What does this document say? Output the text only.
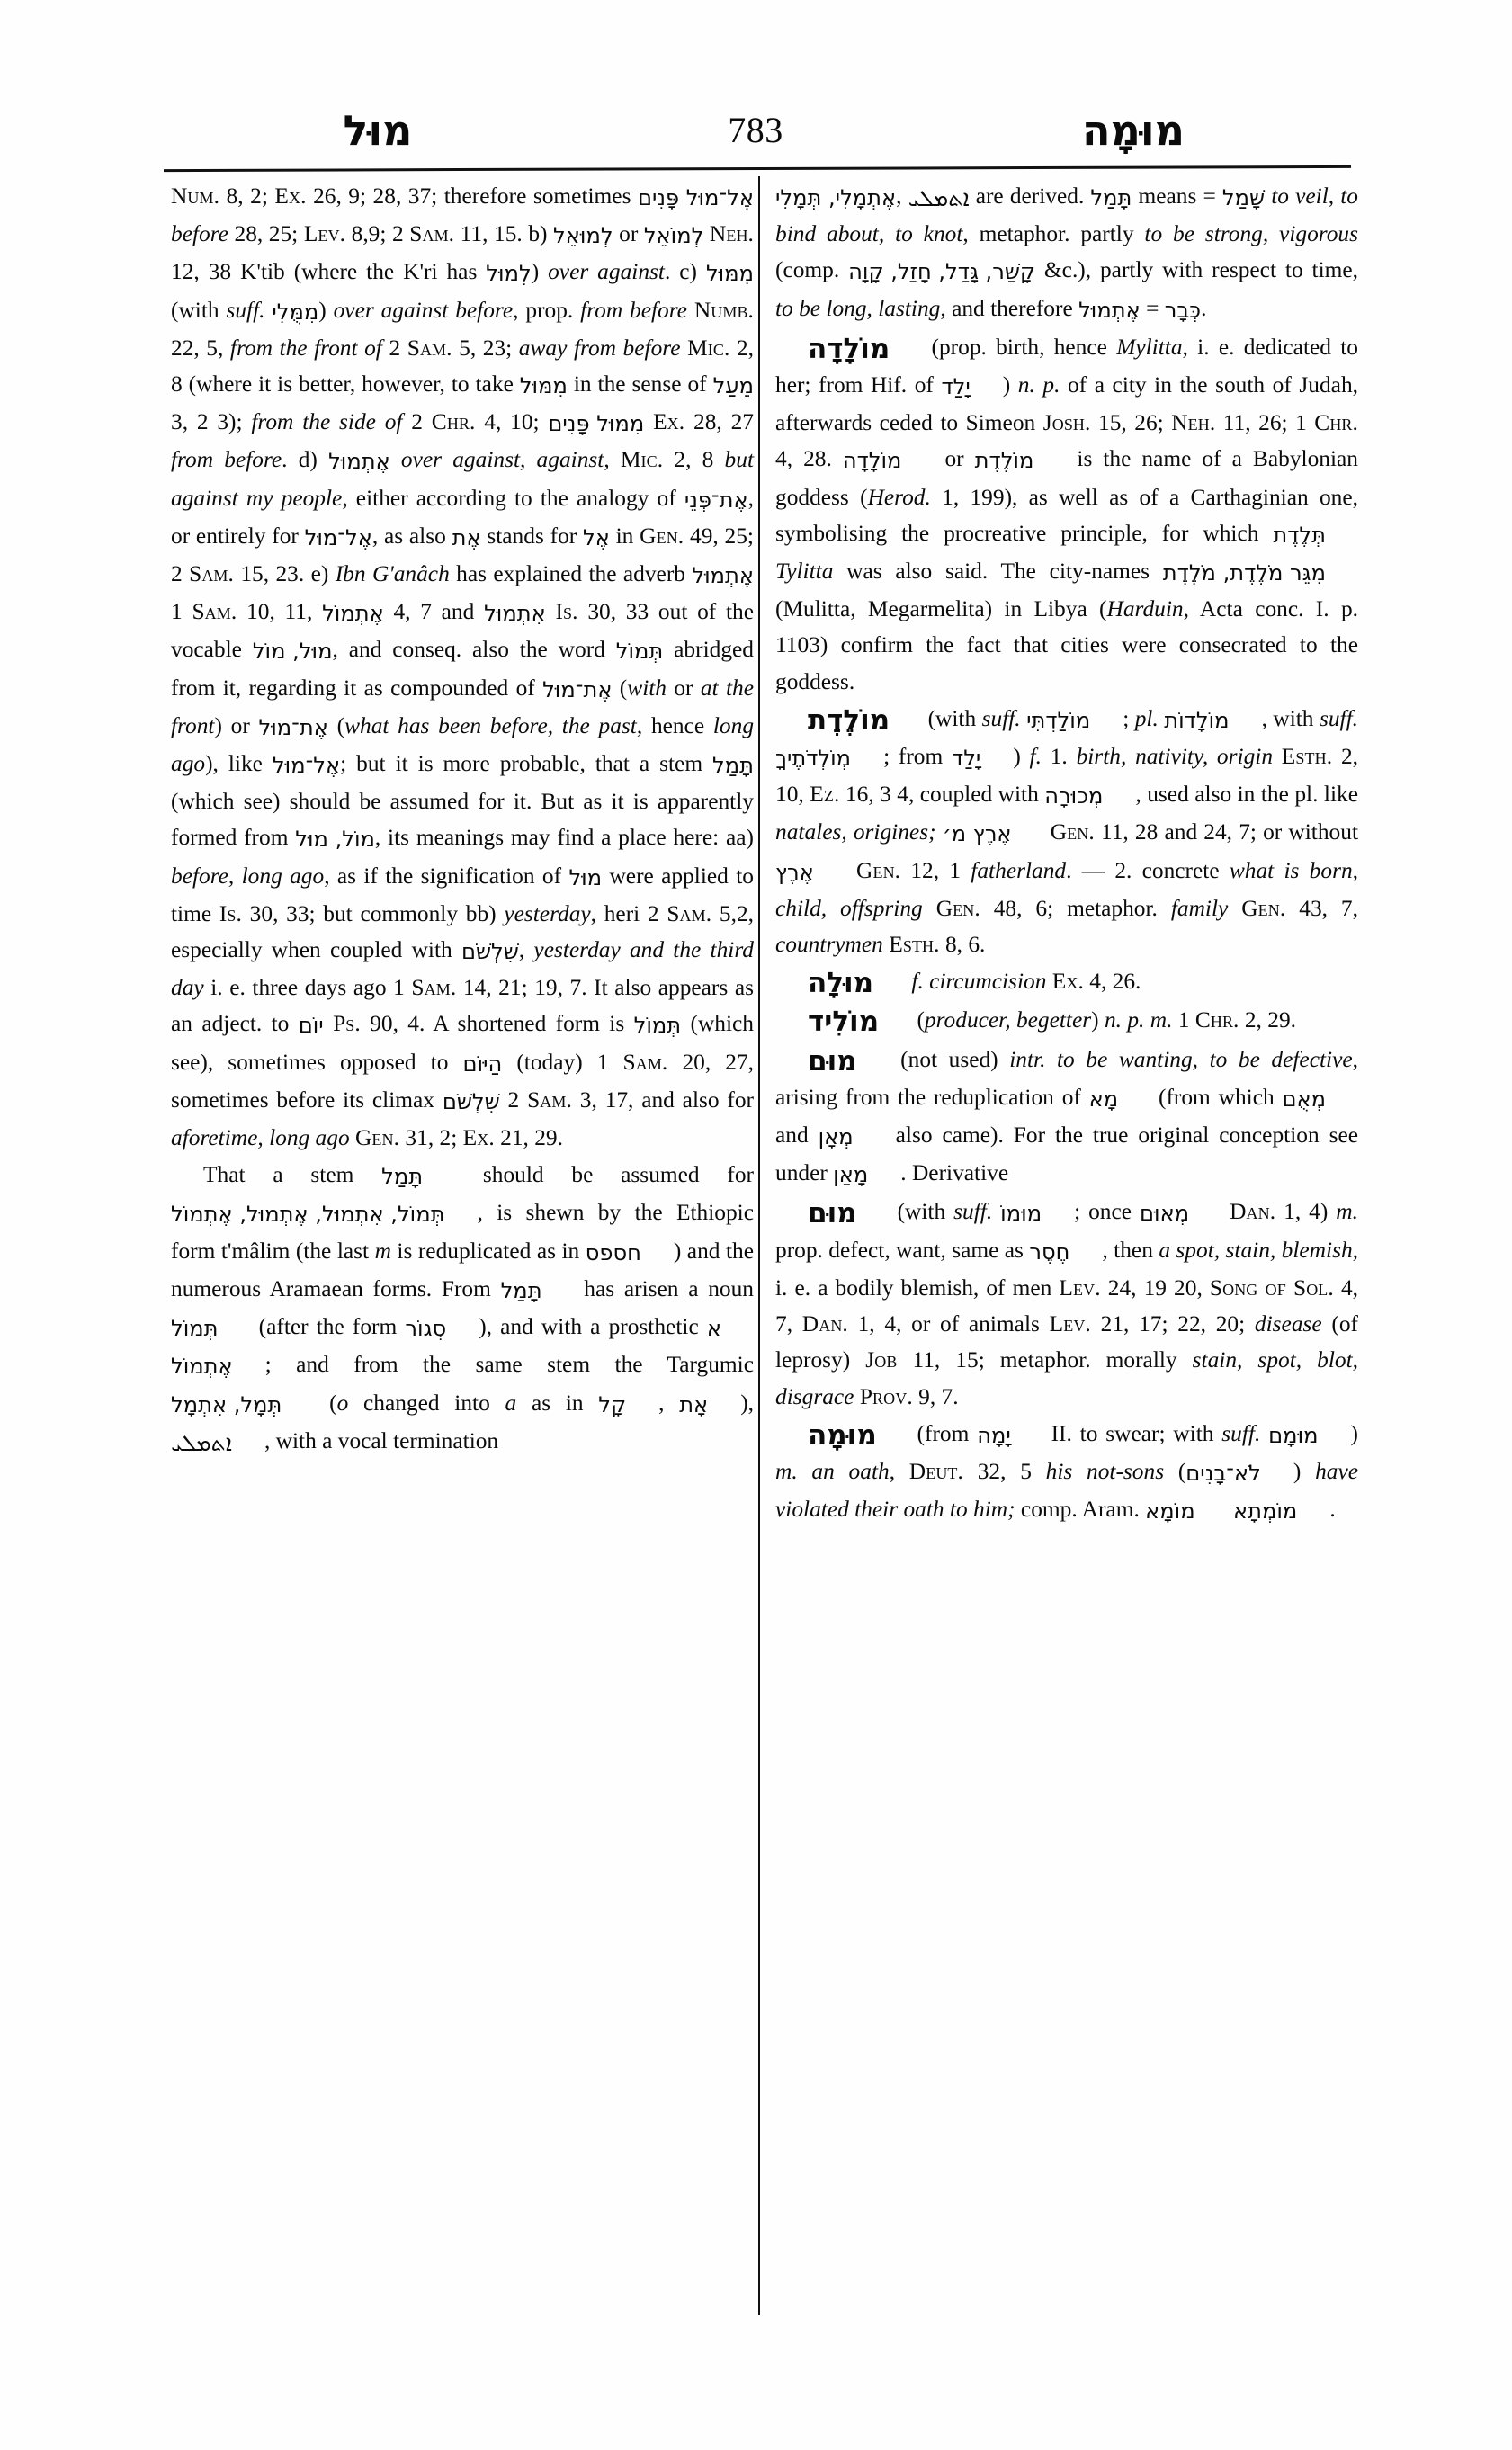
מוּל	783	מוּמָה

Num. 8, 2; Ex. 26, 9; 28, 37; therefore sometimes אֶל־מוּל פָּנִים before 28, 25; Lev. 8,9; 2 Sam. 11, 15. b) לְמוּאֵל or לְמוֹאֵל Neh. 12, 38 K'tib (where the K'ri has לְמוּל) over against. c) מִמּוּל (with suff. מִמֻּלִי) over against before, prop. from before Numb. 22, 5, from the front of 2 Sam. 5, 23; away from before Mic. 2, 8 (where it is better, however, to take מִמּוּל in the sense of מֵעַל 3, 2 3); from the side of 2 Chr. 4, 10; מִמּוּל פָּנִים Ex. 28, 27 from before. d) אֶתְמוּל over against, against, Mic. 2, 8 but against my people, either according to the analogy of אֶת־פְּנֵי, or entirely for אֶל־מוּל, as also אֶת stands for אֶל in Gen. 49, 25; 2 Sam. 15, 23. e) Ibn G'anâch has explained the adverb אֶתְמוּל 1 Sam. 10, 11, אֶתְמוֹל 4, 7 and אִתְמוּל Is. 30, 33 out of the vocable מוּל, מוֹל, and conseq. also the word תְּמוֹל abridged from it, regarding it as compounded of אֶת־מוּל (with or at the front) or אֶת־מוּל (what has been before, the past, hence long ago), like אֶל־מוּל; but it is more probable, that a stem תָּמַל (which see) should be assumed for it. But as it is apparently formed from מוֹל, מוּל, its meanings may find a place here: aa) before, long ago, as if the signification of מוּל were applied to time Is. 30, 33; but commonly bb) yesterday, heri 2 Sam. 5,2, especially when coupled with שִׁלְשֹׁם, yesterday and the third day i. e. three days ago 1 Sam. 14, 21; 19, 7. It also appears as an adject. to יוֹם Ps. 90, 4. A shortened form is תְּמוֹל (which see), sometimes opposed to הַיּוֹם (today) 1 Sam. 20, 27, sometimes before its climax שִׁלְשֹׁם 2 Sam. 3, 17, and also for aforetime, long ago Gen. 31, 2; Ex. 21, 29.

That a stem תָּמַל should be assumed for תְּמוֹל, אִתְמוּל, אֶתְמוּל, אֶתְמוֹל , is shewn by the Ethiopic form t'mâlim (the last m is reduplicated as in חספס ) and the numerous Aramaean forms. From תָּמַל has arisen a noun תְּמוֹל (after the form סְגוֹר ), and with a prosthetic א אֶתְמוֹל ; and from the same stem the Targumic תְּמָל, אִתְמָל (o changed into a as in קָל , אָת ), ܐܬܡܠܝ , with a vocal termination

אֶתְמָלִי, תְּמָלִי, ܐܬܡܠܝ are derived. תָּמַל means = שָׁמַל to veil, to bind about, to knot, metaphor. partly to be strong, vigorous (comp. קָשַׁר, גָּדַל, חָזַל, קָוָה &c.), partly with respect to time, to be long, lasting, and therefore אֶתְמוּל = כְּבָר.

מוֹלָדָה (prop. birth, hence Mylitta, i. e. dedicated to her; from Hif. of יָלַד ) n. p. of a city in the south of Judah, afterwards ceded to Simeon Josh. 15, 26; Neh. 11, 26; 1 Chr. 4, 28. מוֹלָדָה or מוֹלֶדֶת is the name of a Babylonian goddess (Herod. 1, 199), as well as of a Carthaginian one, symbolising the procreative principle, for which תְּלֶדֶת Tylitta was also said. The city-names מִגֵּר מֹלֶדֶת, מֹלֶדֶת (Mulitta, Megarmelita) in Libya (Harduin, Acta conc. I. p. 1103) confirm the fact that cities were consecrated to the goddess.

מוֹלֶדֶת (with suff. מוֹלַדְתִּי ; pl. מוֹלָדוֹת , with suff. מְוֹלְדֹתֶיךָ ; from יָלַד ) f. 1. birth, nativity, origin Esth. 2, 10, Ez. 16, 3 4, coupled with מְכוּרָה , used also in the pl. like natales, origines; אֶרֶץ מ׳ Gen. 11, 28 and 24, 7; or without אֶרֶץ Gen. 12, 1 fatherland. — 2. concrete what is born, child, offspring Gen. 48, 6; metaphor. family Gen. 43, 7, countrymen Esth. 8, 6.

מוּלָה f. circumcision Ex. 4, 26.

מוֹלִיד (producer, begetter) n. p. m. 1 Chr. 2, 29.

מוּם (not used) intr. to be wanting, to be defective, arising from the reduplication of מָא (from which מְאֻם and מְאָן also came). For the true original conception see under מָאַן . Derivative

מוּם (with suff. מוּמוֹ ; once מְאוּם Dan. 1, 4) m. prop. defect, want, same as חֶסֶר , then a spot, stain, blemish, i. e. a bodily blemish, of men Lev. 24, 19 20, Song of Sol. 4, 7, Dan. 1, 4, or of animals Lev. 21, 17; 22, 20; disease (of leprosy) Job 11, 15; metaphor. morally stain, spot, blot, disgrace Prov. 9, 7.

מוּמָה (from יָמָה II. to swear; with suff. מוּמָם ) m. an oath, Deut. 32, 5 his not-sons (לֹא־בָנִים ) have violated their oath to him; comp. Aram. מוֹמָא מוֹמְתָא .
